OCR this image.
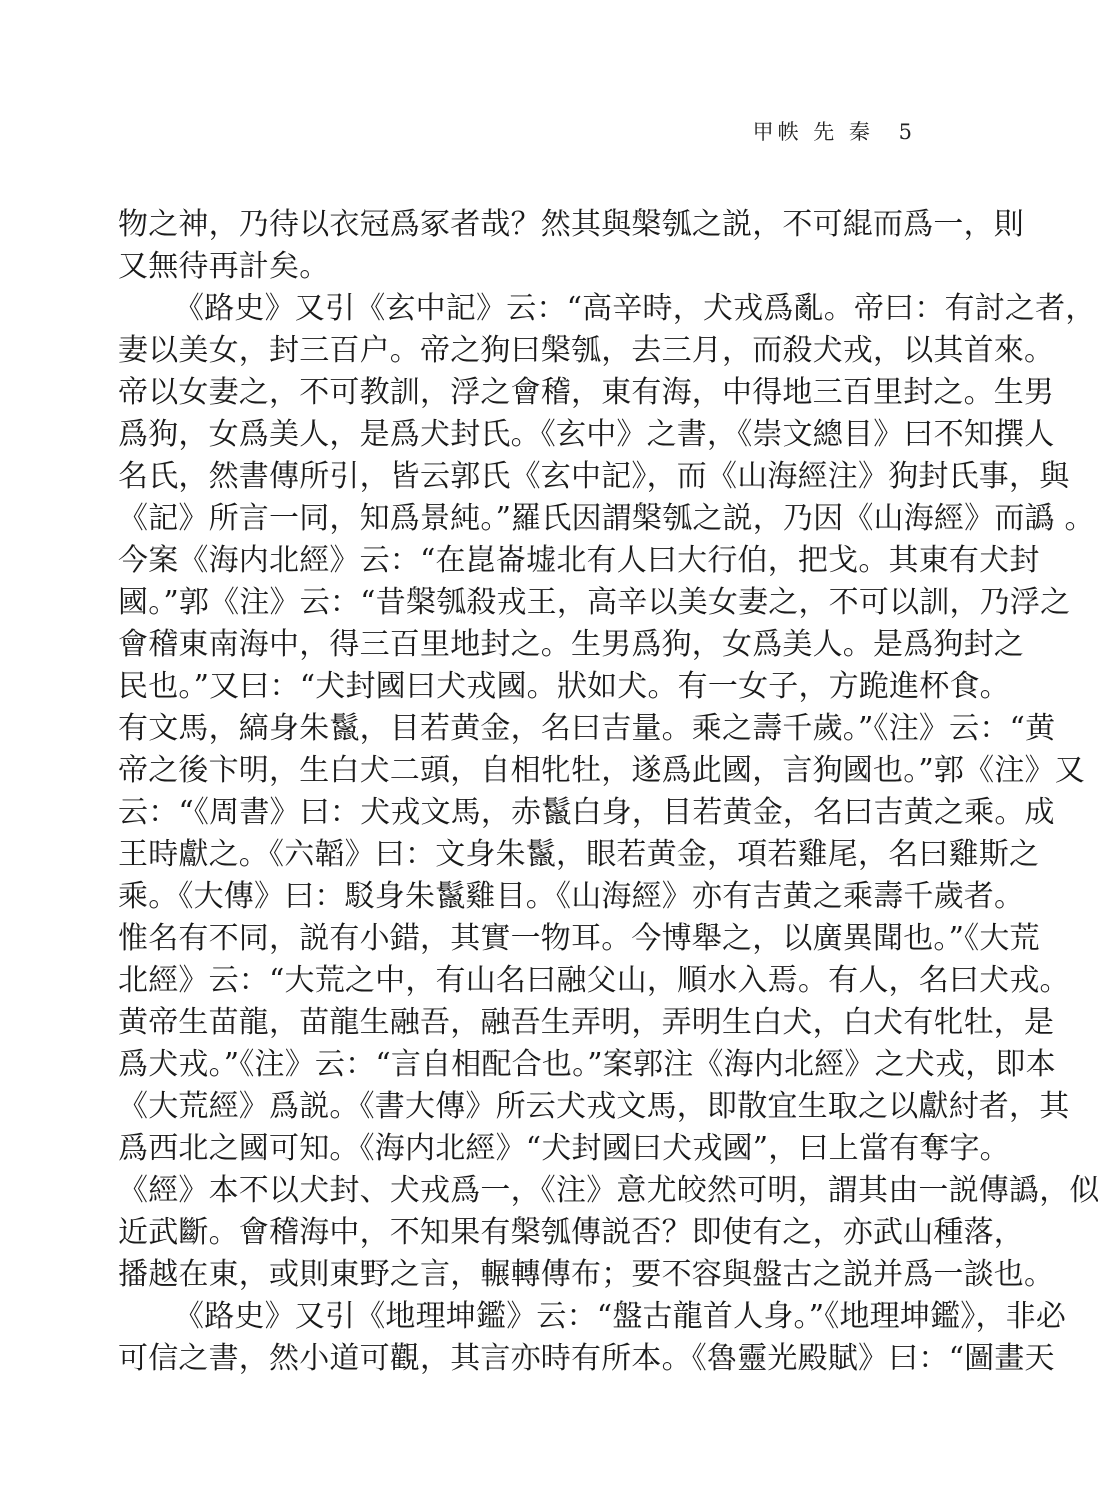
甲帙 先 秦 5

物之神，乃待以衣冠爲冢者哉？然其與槃瓠之説，不可緄而爲一，則

又無待再計矣。

《路史》又引《玄中記》云：“高辛時，犬戎爲亂。帝曰：有討之者，

妻以美女，封三百户。帝之狗曰槃瓠，去三月，而殺犬戎，以其首來。

帝以女妻之，不可教訓，浮之會稽，東有海，中得地三百里封之。生男

爲狗，女爲美人，是爲犬封氏。《玄中》之書，《崇文總目》曰不知撰人

名氏，然書傳所引，皆云郭氏《玄中記》，而《山海經注》狗封氏事，與

《記》所言一同，知爲景純。”羅氏因謂槃瓠之説，乃因《山海經》而譌 。

今案《海内北經》云：“在崑崙墟北有人曰大行伯，把戈。其東有犬封

國。”郭《注》云：“昔槃瓠殺戎王，高辛以美女妻之，不可以訓，乃浮之

會稽東南海中，得三百里地封之。生男爲狗，女爲美人。是爲狗封之

民也。”又曰：“犬封國曰犬戎國。狀如犬。有一女子，方跪進杯食。

有文馬，縞身朱鬣，目若黄金，名曰吉量。乘之壽千歲。”《注》云：“黄

帝之後卞明，生白犬二頭，自相牝牡，遂爲此國，言狗國也。”郭《注》又

云：“《周書》曰：犬戎文馬，赤鬣白身，目若黄金，名曰吉黄之乘。成

王時獻之。《六韜》曰：文身朱鬣，眼若黄金，項若雞尾，名曰雞斯之

乘。《大傳》曰：駁身朱鬣雞目。《山海經》亦有吉黄之乘壽千歲者。

惟名有不同，説有小錯，其實一物耳。今博舉之，以廣異聞也。”《大荒

北經》云：“大荒之中，有山名曰融父山，順水入焉。有人，名曰犬戎。

黄帝生苗龍，苗龍生融吾，融吾生弄明，弄明生白犬，白犬有牝牡，是

爲犬戎。”《注》云：“言自相配合也。”案郭注《海内北經》之犬戎，即本

《大荒經》爲説。《書大傳》所云犬戎文馬，即散宜生取之以獻紂者，其

爲西北之國可知。《海内北經》“犬封國曰犬戎國”，曰上當有奪字。

《經》本不以犬封、犬戎爲一，《注》意尤皎然可明，謂其由一説傳譌，似

近武斷。會稽海中，不知果有槃瓠傳説否？即使有之，亦武山種落，

播越在東，或則東野之言，輾轉傳布；要不容與盤古之説并爲一談也。

《路史》又引《地理坤鑑》云：“盤古龍首人身。”《地理坤鑑》，非必

可信之書，然小道可觀，其言亦時有所本。《魯靈光殿賦》曰：“圖畫天
